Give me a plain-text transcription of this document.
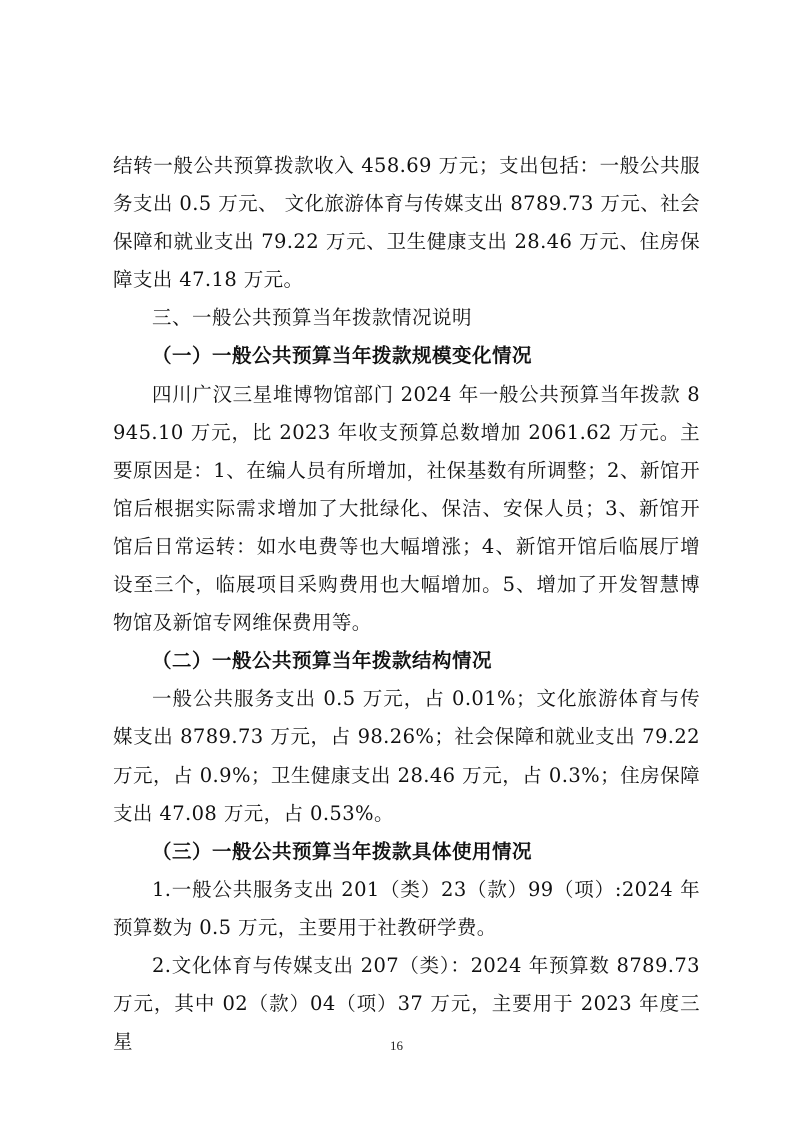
结转一般公共预算拨款收入 458.69 万元；支出包括：一般公共服务支出 0.5 万元、 文化旅游体育与传媒支出 8789.73 万元、社会保障和就业支出 79.22 万元、卫生健康支出 28.46 万元、住房保障支出 47.18 万元。

三、一般公共预算当年拨款情况说明

（一）一般公共预算当年拨款规模变化情况

四川广汉三星堆博物馆部门 2024 年一般公共预算当年拨款 8945.10 万元，比 2023 年收支预算总数增加 2061.62 万元。主要原因是：1、在编人员有所增加，社保基数有所调整；2、新馆开馆后根据实际需求增加了大批绿化、保洁、安保人员；3、新馆开馆后日常运转：如水电费等也大幅增涨；4、新馆开馆后临展厅增设至三个，临展项目采购费用也大幅增加。5、增加了开发智慧博物馆及新馆专网维保费用等。

（二）一般公共预算当年拨款结构情况

一般公共服务支出 0.5 万元，占 0.01%；文化旅游体育与传媒支出 8789.73 万元，占 98.26%；社会保障和就业支出 79.22 万元，占 0.9%；卫生健康支出 28.46 万元，占 0.3%；住房保障支出 47.08 万元，占 0.53%。

（三）一般公共预算当年拨款具体使用情况

1.一般公共服务支出 201（类）23（款）99（项）:2024 年预算数为 0.5 万元，主要用于社教研学费。

2.文化体育与传媒支出 207（类）：2024 年预算数 8789.73 万元，其中 02（款）04（项）37 万元，主要用于 2023 年度三星	16
